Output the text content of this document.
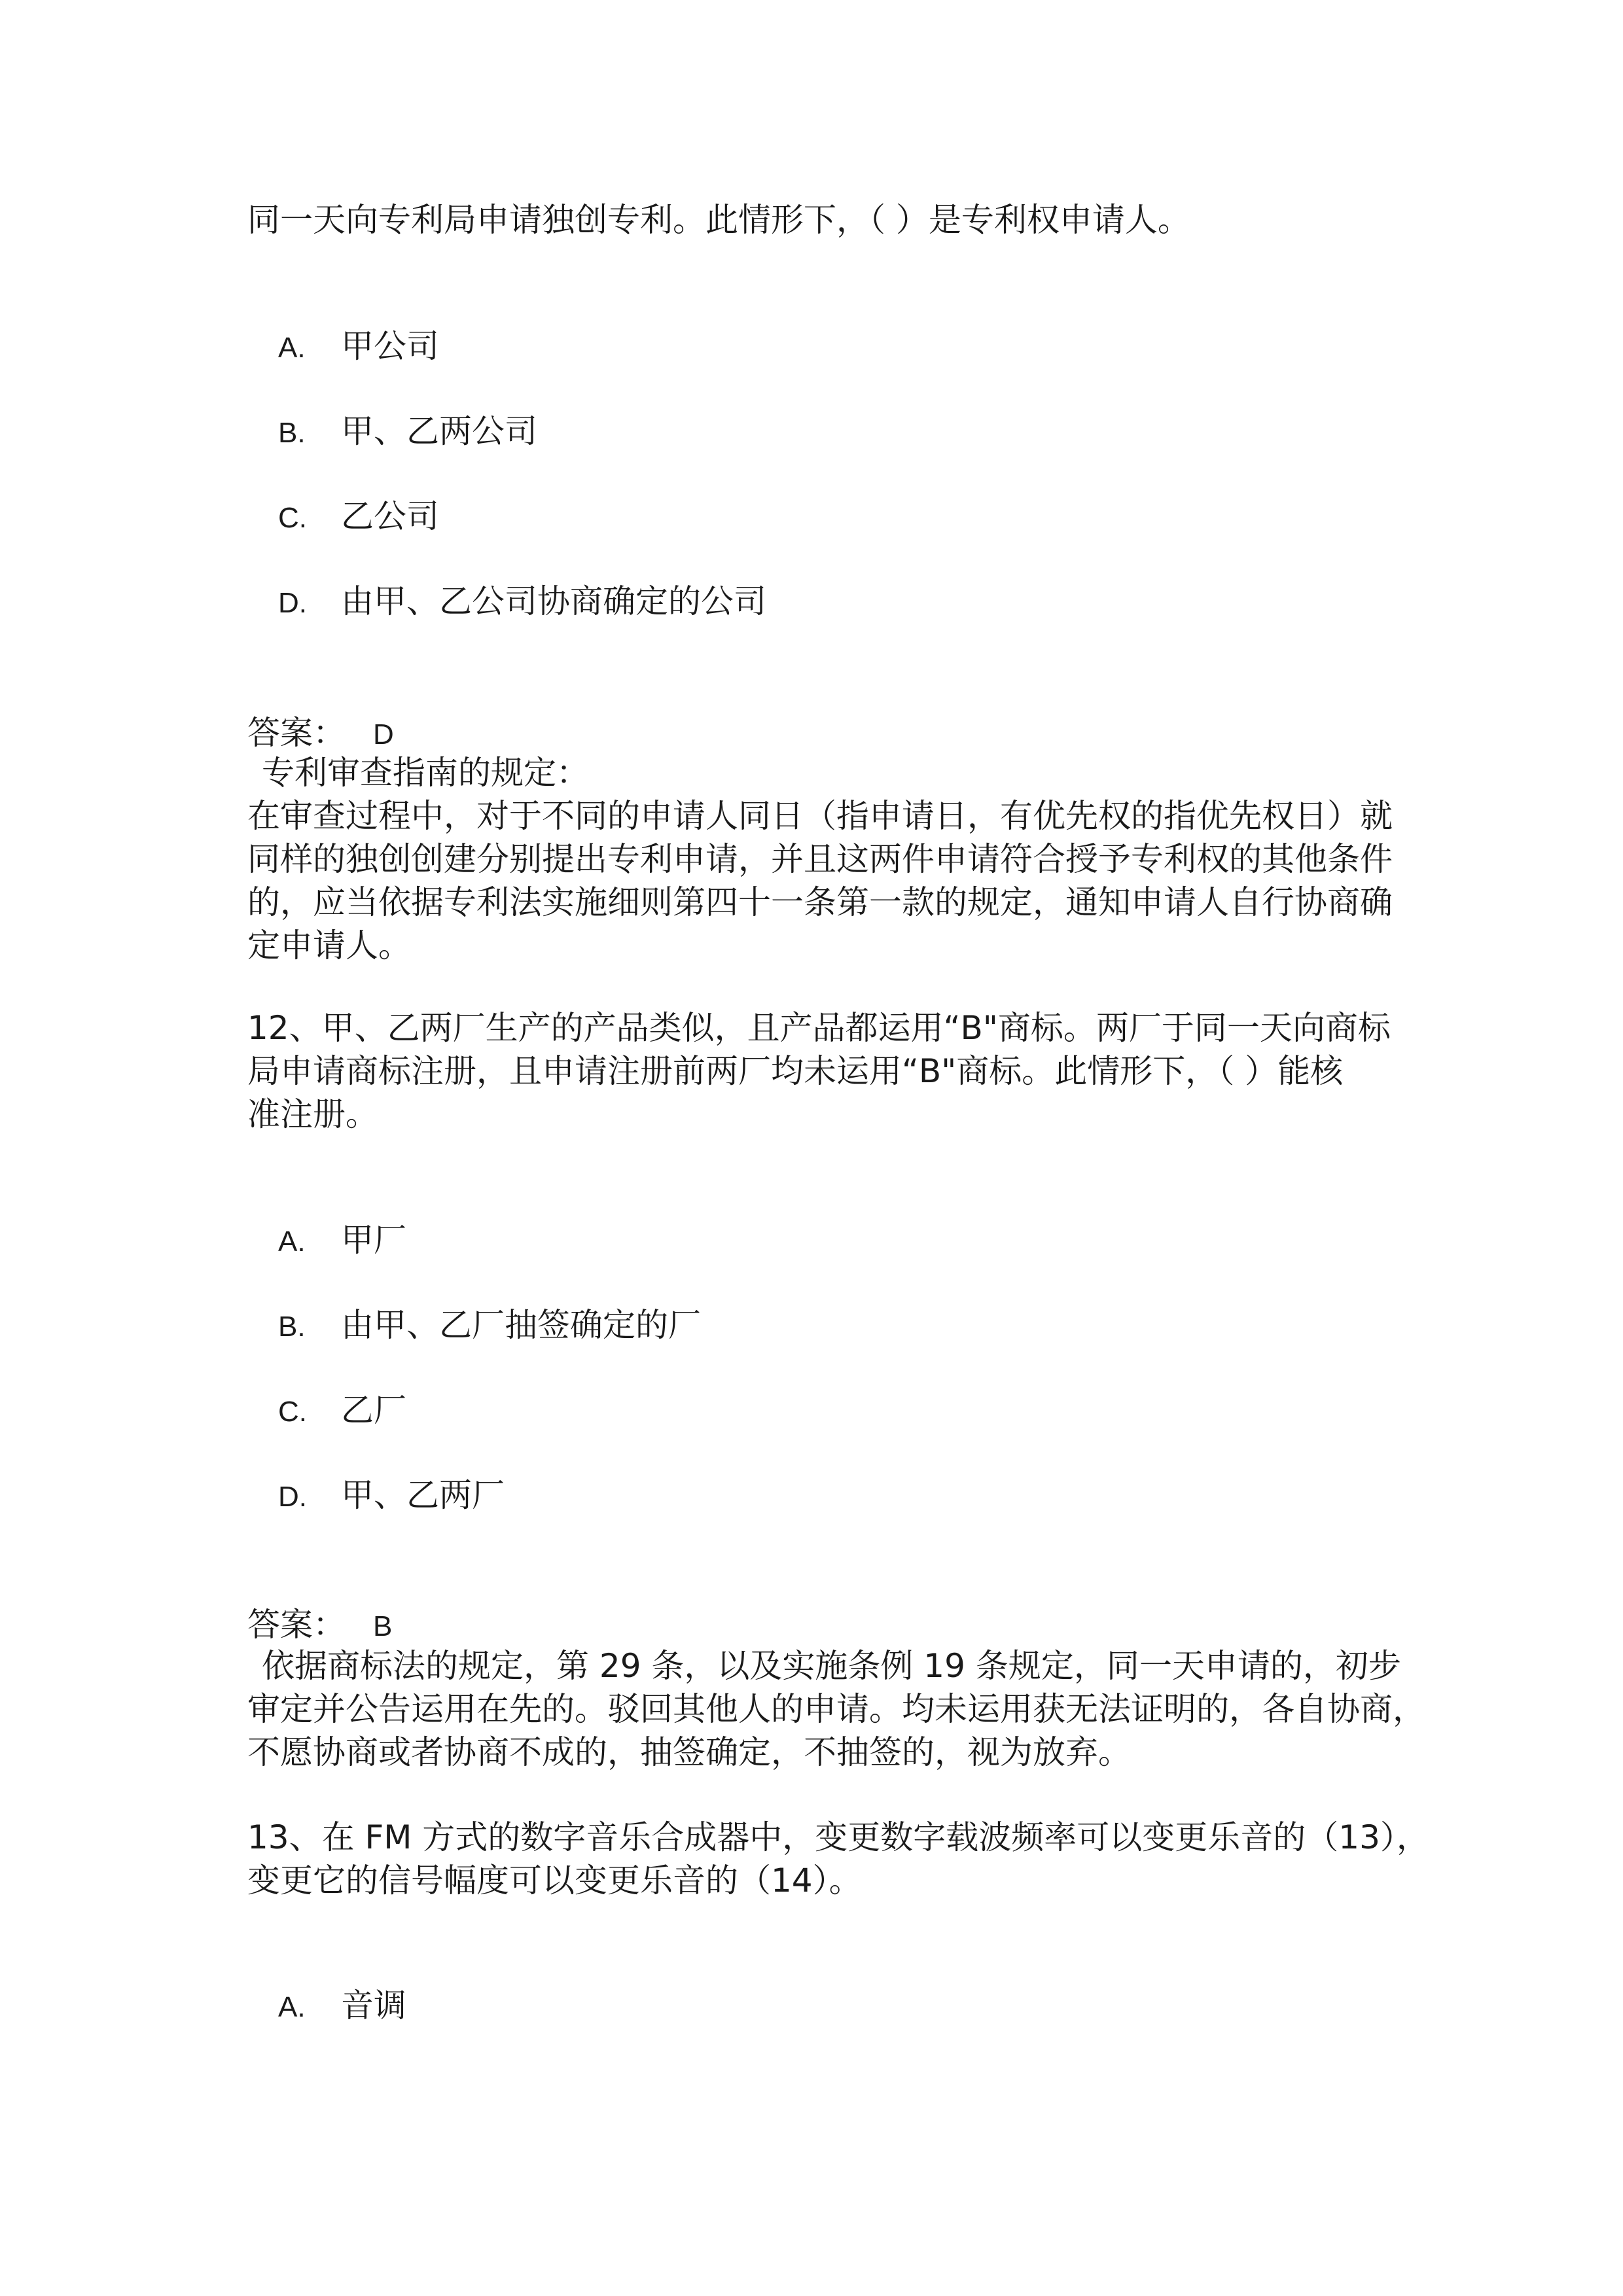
同一天向专利局申请独创专利。此情形下，（ ）是专利权申请人。
A. 甲公司
B. 甲、乙两公司
C. 乙公司
D. 由甲、乙公司协商确定的公司
答案： D
专利审查指南的规定：
在审查过程中，对于不同的申请人同日（指申请日，有优先权的指优先权日）就
同样的独创创建分别提出专利申请，并且这两件申请符合授予专利权的其他条件
的，应当依据专利法实施细则第四十一条第一款的规定，通知申请人自行协商确
定申请人。
12、甲、乙两厂生产的产品类似，且产品都运用“B"商标。两厂于同一天向商标
局申请商标注册，且申请注册前两厂均未运用“B"商标。此情形下，（ ）能核
准注册。
A. 甲厂
B. 由甲、乙厂抽签确定的厂
C. 乙厂
D. 甲、乙两厂
答案： B
依据商标法的规定，第 29 条，以及实施条例 19 条规定，同一天申请的，初步
审定并公告运用在先的。驳回其他人的申请。均未运用获无法证明的，各自协商，
不愿协商或者协商不成的，抽签确定，不抽签的，视为放弃。
13、在 FM 方式的数字音乐合成器中，变更数字载波频率可以变更乐音的（13），
变更它的信号幅度可以变更乐音的（14）。
A. 音调
